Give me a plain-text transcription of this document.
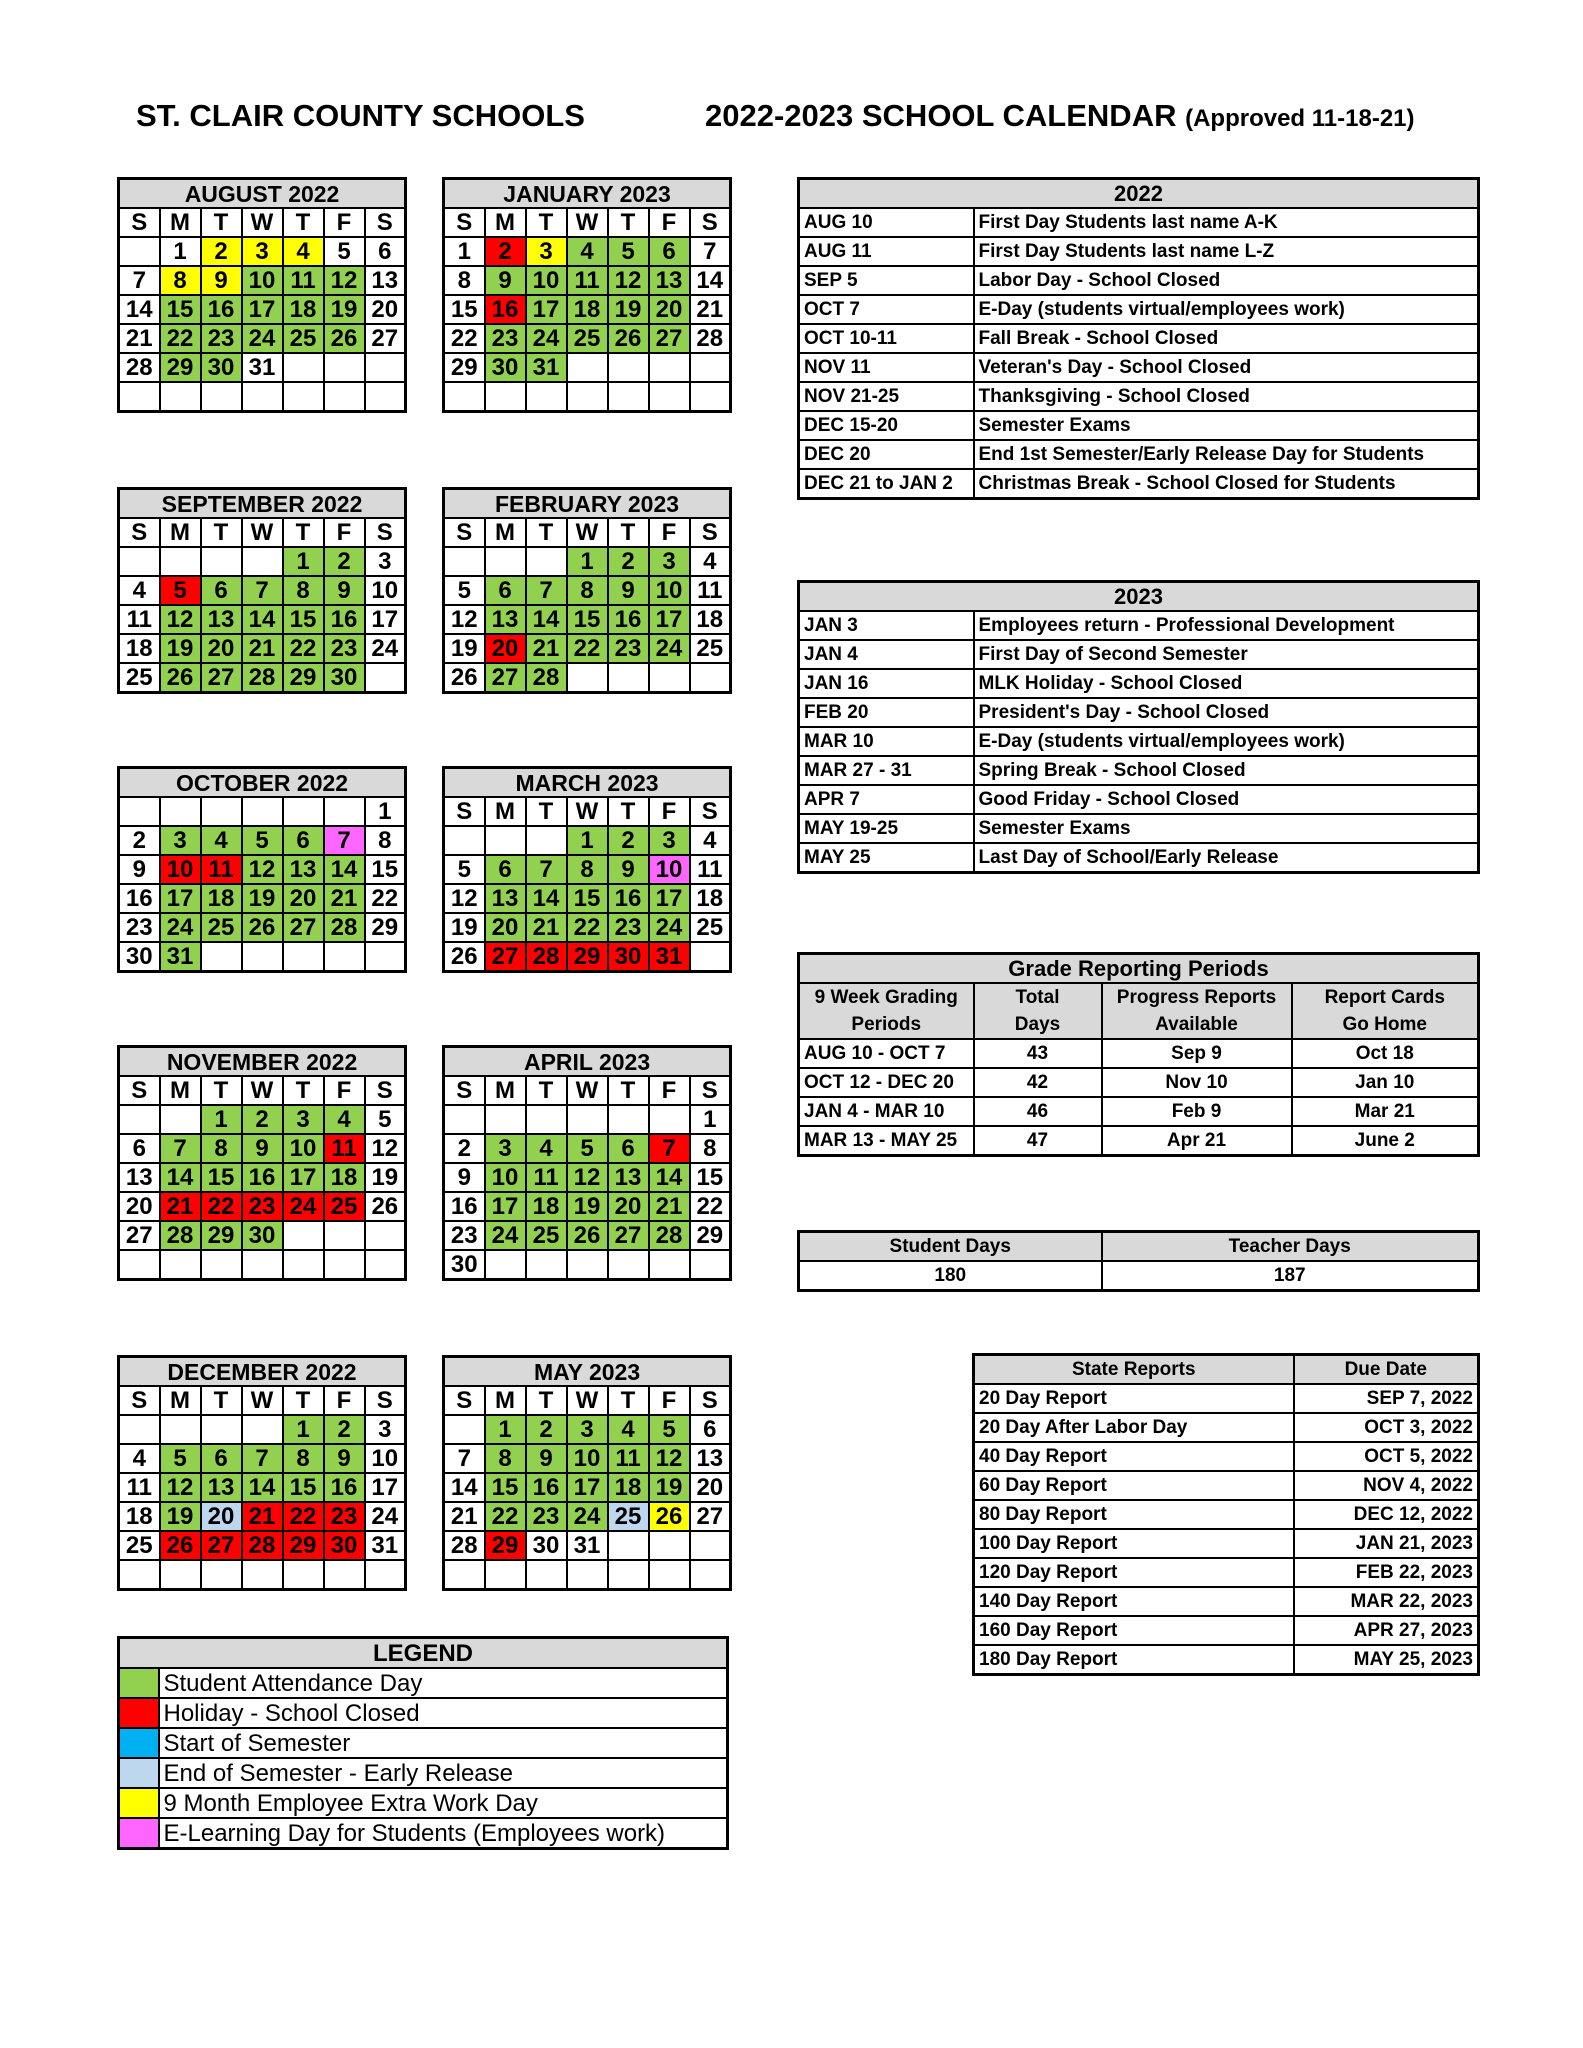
ST. CLAIR COUNTY SCHOOLS	2022-2023 SCHOOL CALENDAR (Approved 11-18-21)
AUGUST 2022						
S	M	T	W	T	F	S
	1	2	3	4	5	6
7	8	9	10	11	12	13
14	15	16	17	18	19	20
21	22	23	24	25	26	27
28	29	30	31			

JANUARY 2023						
S	M	T	W	T	F	S
1	2	3	4	5	6	7
8	9	10	11	12	13	14
15	16	17	18	19	20	21
22	23	24	25	26	27	28
29	30	31				

SEPTEMBER 2022						
S	M	T	W	T	F	S
				1	2	3
4	5	6	7	8	9	10
11	12	13	14	15	16	17
18	19	20	21	22	23	24
25	26	27	28	29	30	
FEBRUARY 2023						
S	M	T	W	T	F	S
			1	2	3	4
5	6	7	8	9	10	11
12	13	14	15	16	17	18
19	20	21	22	23	24	25
26	27	28				
OCTOBER 2022						
						1
2	3	4	5	6	7	8
9	10	11	12	13	14	15
16	17	18	19	20	21	22
23	24	25	26	27	28	29
30	31					
MARCH 2023						
S	M	T	W	T	F	S
			1	2	3	4
5	6	7	8	9	10	11
12	13	14	15	16	17	18
19	20	21	22	23	24	25
26	27	28	29	30	31	
NOVEMBER 2022						
S	M	T	W	T	F	S
		1	2	3	4	5
6	7	8	9	10	11	12
13	14	15	16	17	18	19
20	21	22	23	24	25	26
27	28	29	30			

APRIL 2023						
S	M	T	W	T	F	S
						1
2	3	4	5	6	7	8
9	10	11	12	13	14	15
16	17	18	19	20	21	22
23	24	25	26	27	28	29
30						
DECEMBER 2022						
S	M	T	W	T	F	S
				1	2	3
4	5	6	7	8	9	10
11	12	13	14	15	16	17
18	19	20	21	22	23	24
25	26	27	28	29	30	31

MAY 2023						
S	M	T	W	T	F	S
	1	2	3	4	5	6
7	8	9	10	11	12	13
14	15	16	17	18	19	20
21	22	23	24	25	26	27
28	29	30	31			

2022	
AUG 10	First Day Students last name A-K
AUG 11	First Day Students last name L-Z
SEP 5	Labor Day - School Closed
OCT 7	E-Day (students virtual/employees work)
OCT 10-11	Fall Break - School Closed
NOV 11	Veteran's Day - School Closed
NOV 21-25	Thanksgiving - School Closed
DEC 15-20	Semester Exams
DEC 20	End 1st Semester/Early Release Day for Students
DEC 21 to JAN 2	Christmas Break - School Closed for Students
2023	
JAN 3	Employees return - Professional Development
JAN 4	First Day of Second Semester
JAN 16	MLK Holiday - School Closed
FEB 20	President's Day - School Closed
MAR 10	E-Day (students virtual/employees work)
MAR 27 - 31	Spring Break - School Closed
APR 7	Good Friday - School Closed
MAY 19-25	Semester Exams
MAY 25	Last Day of School/Early Release
Grade Reporting Periods			
9 Week Grading	Total	Progress Reports	Report Cards
Periods	Days	Available	Go Home
AUG 10 - OCT 7	43	Sep 9	Oct 18
OCT 12 - DEC 20	42	Nov 10	Jan 10
JAN 4 - MAR 10	46	Feb 9	Mar 21
MAR 13 - MAY 25	47	Apr 21	June 2
Student Days	Teacher Days
180	187
State Reports	Due Date
20 Day Report	SEP 7, 2022
20 Day After Labor Day	OCT 3, 2022
40 Day Report	OCT 5, 2022
60 Day Report	NOV 4, 2022
80 Day Report	DEC 12, 2022
100 Day Report	JAN 21, 2023
120 Day Report	FEB 22, 2023
140 Day Report	MAR 22, 2023
160 Day Report	APR 27, 2023
180 Day Report	MAY 25, 2023
LEGEND	
	Student Attendance Day
	Holiday - School Closed
	Start of Semester
	End of Semester - Early Release
	9 Month Employee Extra Work Day
	E-Learning Day for Students (Employees work)
